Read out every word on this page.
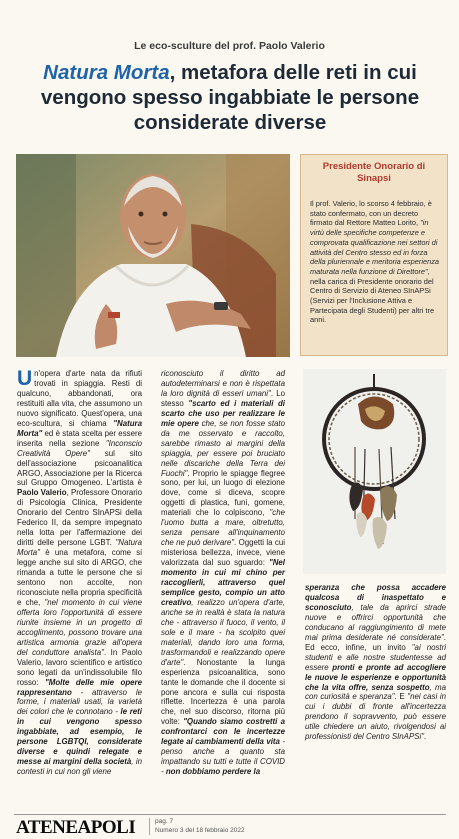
Le eco-sculture del prof. Paolo Valerio
Natura Morta, metafora delle reti in cui vengono spesso ingabbiate le persone considerate diverse
Presidente Onorario di Sinapsi
Il prof. Valerio, lo scorso 4 febbraio, è stato confermato, con un decreto firmato dal Rettore Matteo Lorito, "in virtù delle specifiche competenze e comprovata qualificazione nei settori di attività del Centro stesso ed in forza della pluriennale e meritoria esperienza maturata nella funzione di Direttore", nella carica di Presidente onorario del Centro di Servizio di Ateneo SInAPSi (Servizi per l'Inclusione Attiva e Partecipata degli Studenti) per altri tre anni.
Un'opera d'arte nata da rifiuti trovati in spiaggia. Resti di qualcuno, abbandonati, ora restituiti alla vita, che assumono un nuovo significato. Quest'opera, una eco-scultura, si chiama "Natura Morta" ed è stata scelta per essere inserita nella sezione "Inconscio Creatività Opere" sul sito dell'associazione psicoanalitica ARGO, Associazione per la Ricerca sul Gruppo Omogeneo. L'artista è Paolo Valerio, Professore Onorario di Psicologia Clinica, Presidente Onorario del Centro SInAPSi della Federico II, da sempre impegnato nella lotta per l'affermazione dei diritti delle persone LGBT. "Natura Morta" è una metafora, come si legge anche sul sito di ARGO, che rimanda a tutte le persone che si sentono non accolte, non riconosciute nella propria specificità e che, "nel momento in cui viene offerta loro l'opportunità di essere riunite insieme in un progetto di accoglimento, possono trovare una artistica armonia grazie all'opera del conduttore analista". In Paolo Valerio, lavoro scientifico e artistico sono legati da un'indissolubile filo rosso: "Molte delle mie opere rappresentano - attraverso le forme, i materiali usati, la varietà dei colori che le connotano - le reti in cui vengono spesso ingabbiate, ad esempio, le persone LGBTQI, considerate diverse e quindi relegate e messe ai margini della società, in contesti in cui non gli viene
riconosciuto il diritto ad autodeterminarsi e non è rispettata la loro dignità di esseri umani". Lo stesso "scarto ed i materiali di scarto che uso per realizzare le mie opere che, se non fosse stato da me osservato e raccolto, sarebbe rimasto ai margini della spiaggia, per essere poi bruciato nelle discariche della Terra dei Fuochi". Proprio le spiagge flegree sono, per lui, un luogo di elezione dove, come si diceva, scopre oggetti di plastica, funi, gomene, materiali che lo colpiscono, "che l'uomo butta a mare, oltretutto, senza pensare all'inquinamento che ne può derivare". Oggetti la cui misteriosa bellezza, invece, viene valorizzata dal suo sguardo: "Nel momento in cui mi chino per raccoglierli, attraverso quel semplice gesto, compio un atto creativo, realizzo un'opera d'arte, anche se in realtà è stata la natura che - attraverso il fuoco, il vento, il sole e il mare - ha scolpito quei materiali, dando loro una forma, trasformandoli e realizzando opere d'arte". Nonostante la lunga esperienza psicoanalitica, sono tante le domande che il docente si pone ancora e sulla cui risposta riflette. Incertezza è una parola che, nel suo discorso, ritorna più volte: "Quando siamo costretti a confrontarci con le incertezze legate ai cambiamenti della vita - penso anche a quanto sta impattando su tutti e tutte il COVID - non dobbiamo perdere la
speranza che possa accadere qualcosa di inaspettato e sconosciuto, tale da aprirci strade nuove e offrirci opportunità che conducano al raggiungimento di mete mai prima desiderate né considerate". Ed ecco, infine, un invito "ai nostri studenti e alle nostre studentesse ad essere pronti e pronte ad accogliere le nuove le esperienze e opportunità che la vita offre, senza sospetto, ma con curiosità e speranza". E "nei casi in cui i dubbi di fronte all'incertezza prendono il sopravvento, può essere utile chiedere un aiuto, rivolgendosi ai professionisti del Centro SInAPSi".
ATENEAPOLI	pag. 7
Numero 3 del 18 febbraio 2022
